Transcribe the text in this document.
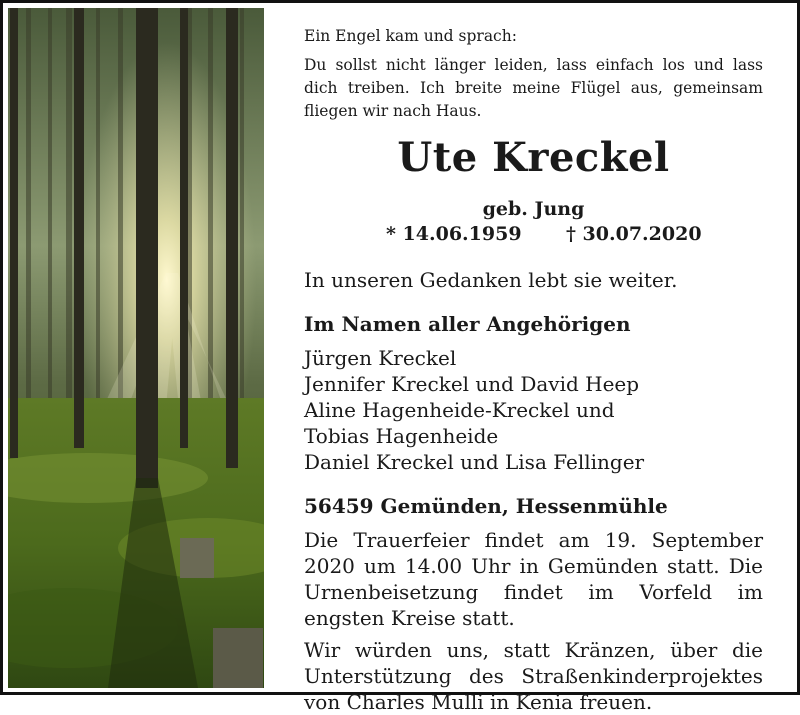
Ein Engel kam und sprach:

Du sollst nicht länger leiden, lass einfach los und lass dich treiben. Ich breite meine Flügel aus, gemeinsam fliegen wir nach Haus.

Ute Kreckel
geb. Jung
* 14.06.1959 † 30.07.2020
In unseren Gedanken lebt sie weiter.
Im Namen aller Angehörigen
Jürgen Kreckel
Jennifer Kreckel und David Heep
Aline Hagenheide-Kreckel und
Tobias Hagenheide
Daniel Kreckel und Lisa Fellinger
56459 Gemünden, Hessenmühle

Die Trauerfeier findet am 19. September 2020 um 14.00 Uhr in Gemünden statt. Die Urnenbeisetzung findet im Vorfeld im engsten Kreise statt.

Wir würden uns, statt Kränzen, über die Unterstützung des Straßenkinderprojektes von Charles Mulli in Kenia freuen.
